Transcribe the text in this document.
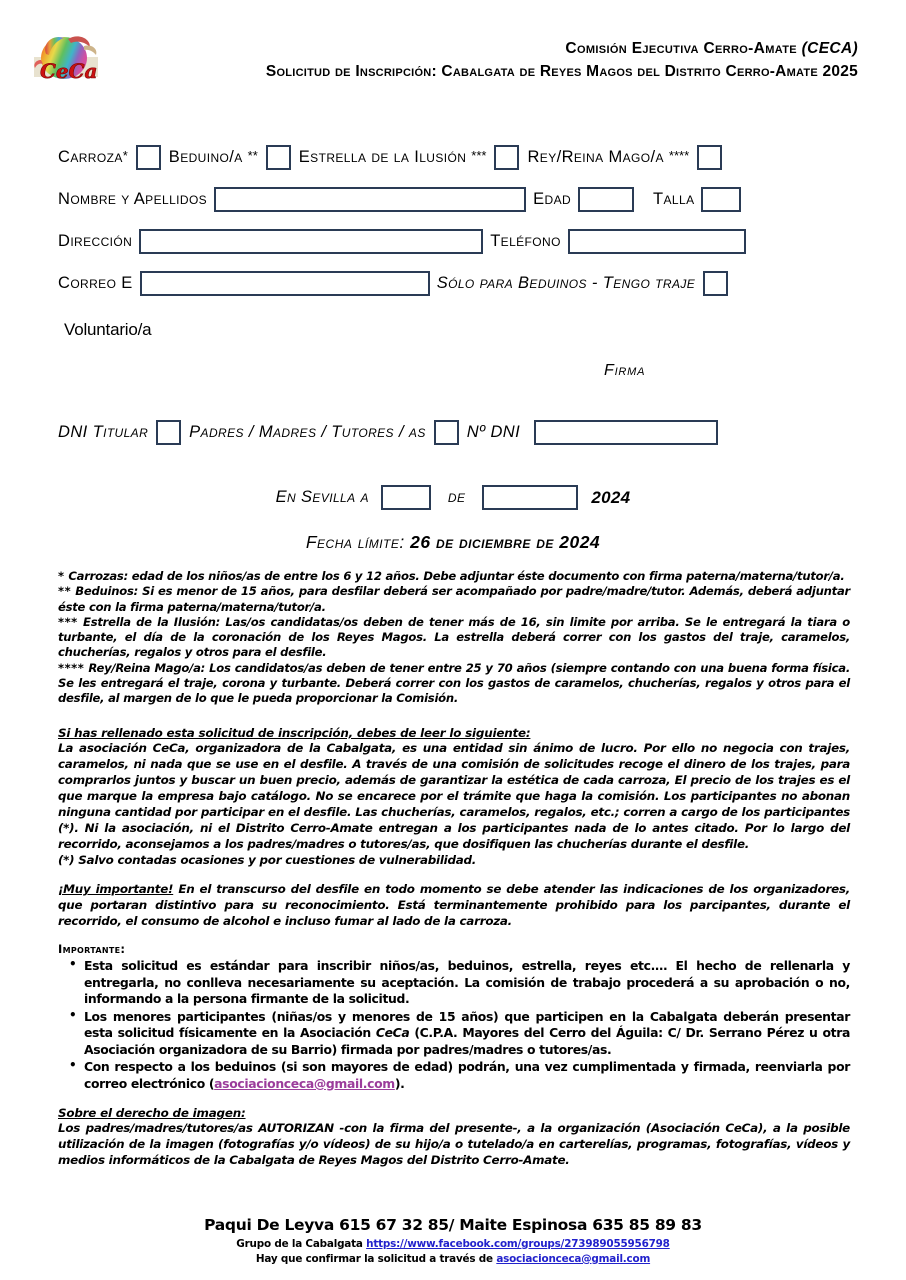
CeCa
Comisión Ejecutiva Cerro-Amate (CECA)
Solicitud de Inscripción: Cabalgata de Reyes Magos del Distrito Cerro-Amate 2025
Carroza* Beduino/a ** Estrella de la Ilusión *** Rey/Reina Mago/a ****
Nombre y Apellidos	Edad	Talla
Dirección	Teléfono
Correo E	Sólo para Beduinos - Tengo traje
Voluntario/a
Firma
DNI Titular Padres / Madres / Tutores / as Nº DNI
En Sevilla a	de	2024
Fecha límite: 26 de diciembre de 2024

* Carrozas: edad de los niños/as de entre los 6 y 12 años. Debe adjuntar éste documento con firma paterna/materna/tutor/a.

** Beduinos: Si es menor de 15 años, para desfilar deberá ser acompañado por padre/madre/tutor. Además, deberá adjuntar éste con la firma paterna/materna/tutor/a.

*** Estrella de la Ilusión: Las/os candidatas/os deben de tener más de 16, sin limite por arriba. Se le entregará la tiara o turbante, el día de la coronación de los Reyes Magos. La estrella deberá correr con los gastos del traje, caramelos, chucherías, regalos y otros para el desfile.

**** Rey/Reina Mago/a: Los candidatos/as deben de tener entre 25 y 70 años (siempre contando con una buena forma física. Se les entregará el traje, corona y turbante. Deberá correr con los gastos de caramelos, chucherías, regalos y otros para el desfile, al margen de lo que le pueda proporcionar la Comisión.

Si has rellenado esta solicitud de inscripción, debes de leer lo siguiente:

La asociación CeCa, organizadora de la Cabalgata, es una entidad sin ánimo de lucro. Por ello no negocia con trajes, caramelos, ni nada que se use en el desfile. A través de una comisión de solicitudes recoge el dinero de los trajes, para comprarlos juntos y buscar un buen precio, además de garantizar la estética de cada carroza, El precio de los trajes es el que marque la empresa bajo catálogo. No se encarece por el trámite que haga la comisión. Los participantes no abonan ninguna cantidad por participar en el desfile. Las chucherías, caramelos, regalos, etc.; corren a cargo de los participantes (*). Ni la asociación, ni el Distrito Cerro-Amate entregan a los participantes nada de lo antes citado. Por lo largo del recorrido, aconsejamos a los padres/madres o tutores/as, que dosifiquen las chucherías durante el desfile.

(*) Salvo contadas ocasiones y por cuestiones de vulnerabilidad.

¡Muy importante! En el transcurso del desfile en todo momento se debe atender las indicaciones de los organizadores, que portaran distintivo para su reconocimiento. Está terminantemente prohibido para los parcipantes, durante el recorrido, el consumo de alcohol e incluso fumar al lado de la carroza.

Importante:

• Esta solicitud es estándar para inscribir niños/as, beduinos, estrella, reyes etc.… El hecho de rellenarla y entregarla, no conlleva necesariamente su aceptación. La comisión de trabajo procederá a su aprobación o no, informando a la persona firmante de la solicitud.
• Los menores participantes (niñas/os y menores de 15 años) que participen en la Cabalgata deberán presentar esta solicitud físicamente en la Asociación CeCa (C.P.A. Mayores del Cerro del Águila: C/ Dr. Serrano Pérez u otra Asociación organizadora de su Barrio) firmada por padres/madres o tutores/as.
• Con respecto a los beduinos (si son mayores de edad) podrán, una vez cumplimentada y firmada, reenviarla por correo electrónico (asociacionceca@gmail.com).

Sobre el derecho de imagen:

Los padres/madres/tutores/as AUTORIZAN -con la firma del presente-, a la organización (Asociación CeCa), a la posible utilización de la imagen (fotografías y/o vídeos) de su hijo/a o tutelado/a en carterelías, programas, fotografías, vídeos y medios informáticos de la Cabalgata de Reyes Magos del Distrito Cerro-Amate.

Paqui De Leyva 615 67 32 85/ Maite Espinosa 635 85 89 83
Grupo de la Cabalgata https://www.facebook.com/groups/273989055956798
Hay que confirmar la solicitud a través de asociacionceca@gmail.com
